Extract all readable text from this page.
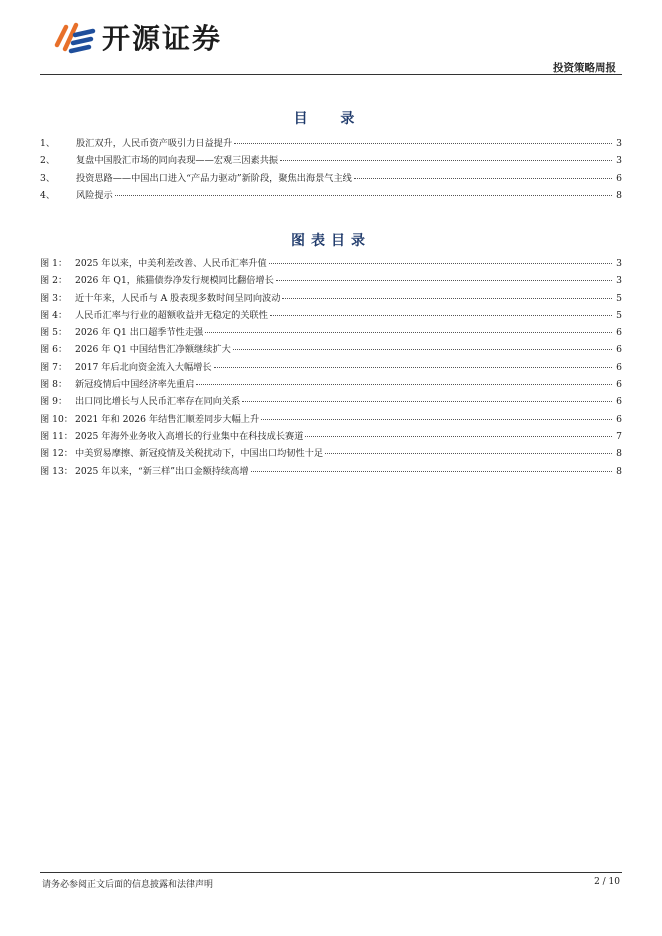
开源证券
投资策略周报
目 录
1、	股汇双升，人民币资产吸引力日益提升	3
2、	复盘中国股汇市场的同向表现——宏观三因素共振	3
3、	投资思路——中国出口进入“产品力驱动”新阶段，聚焦出海景气主线	6
4、	风险提示	8
图表目录
图 1： 2025 年以来，中美利差改善、人民币汇率升值	3
图 2： 2026 年 Q1，熊猫债券净发行规模同比翻倍增长	3
图 3： 近十年来，人民币与 A 股表现多数时间呈同向波动	5
图 4： 人民币汇率与行业的超额收益并无稳定的关联性	5
图 5： 2026 年 Q1 出口超季节性走强	6
图 6： 2026 年 Q1 中国结售汇净额继续扩大	6
图 7： 2017 年后北向资金流入大幅增长	6
图 8： 新冠疫情后中国经济率先重启	6
图 9： 出口同比增长与人民币汇率存在同向关系	6
图 10： 2021 年和 2026 年结售汇顺差同步大幅上升	6
图 11： 2025 年海外业务收入高增长的行业集中在科技成长赛道	7
图 12： 中美贸易摩擦、新冠疫情及关税扰动下，中国出口均韧性十足	8
图 13： 2025 年以来，“新三样”出口金额持续高增	8
请务必参阅正文后面的信息披露和法律声明	2 / 10
